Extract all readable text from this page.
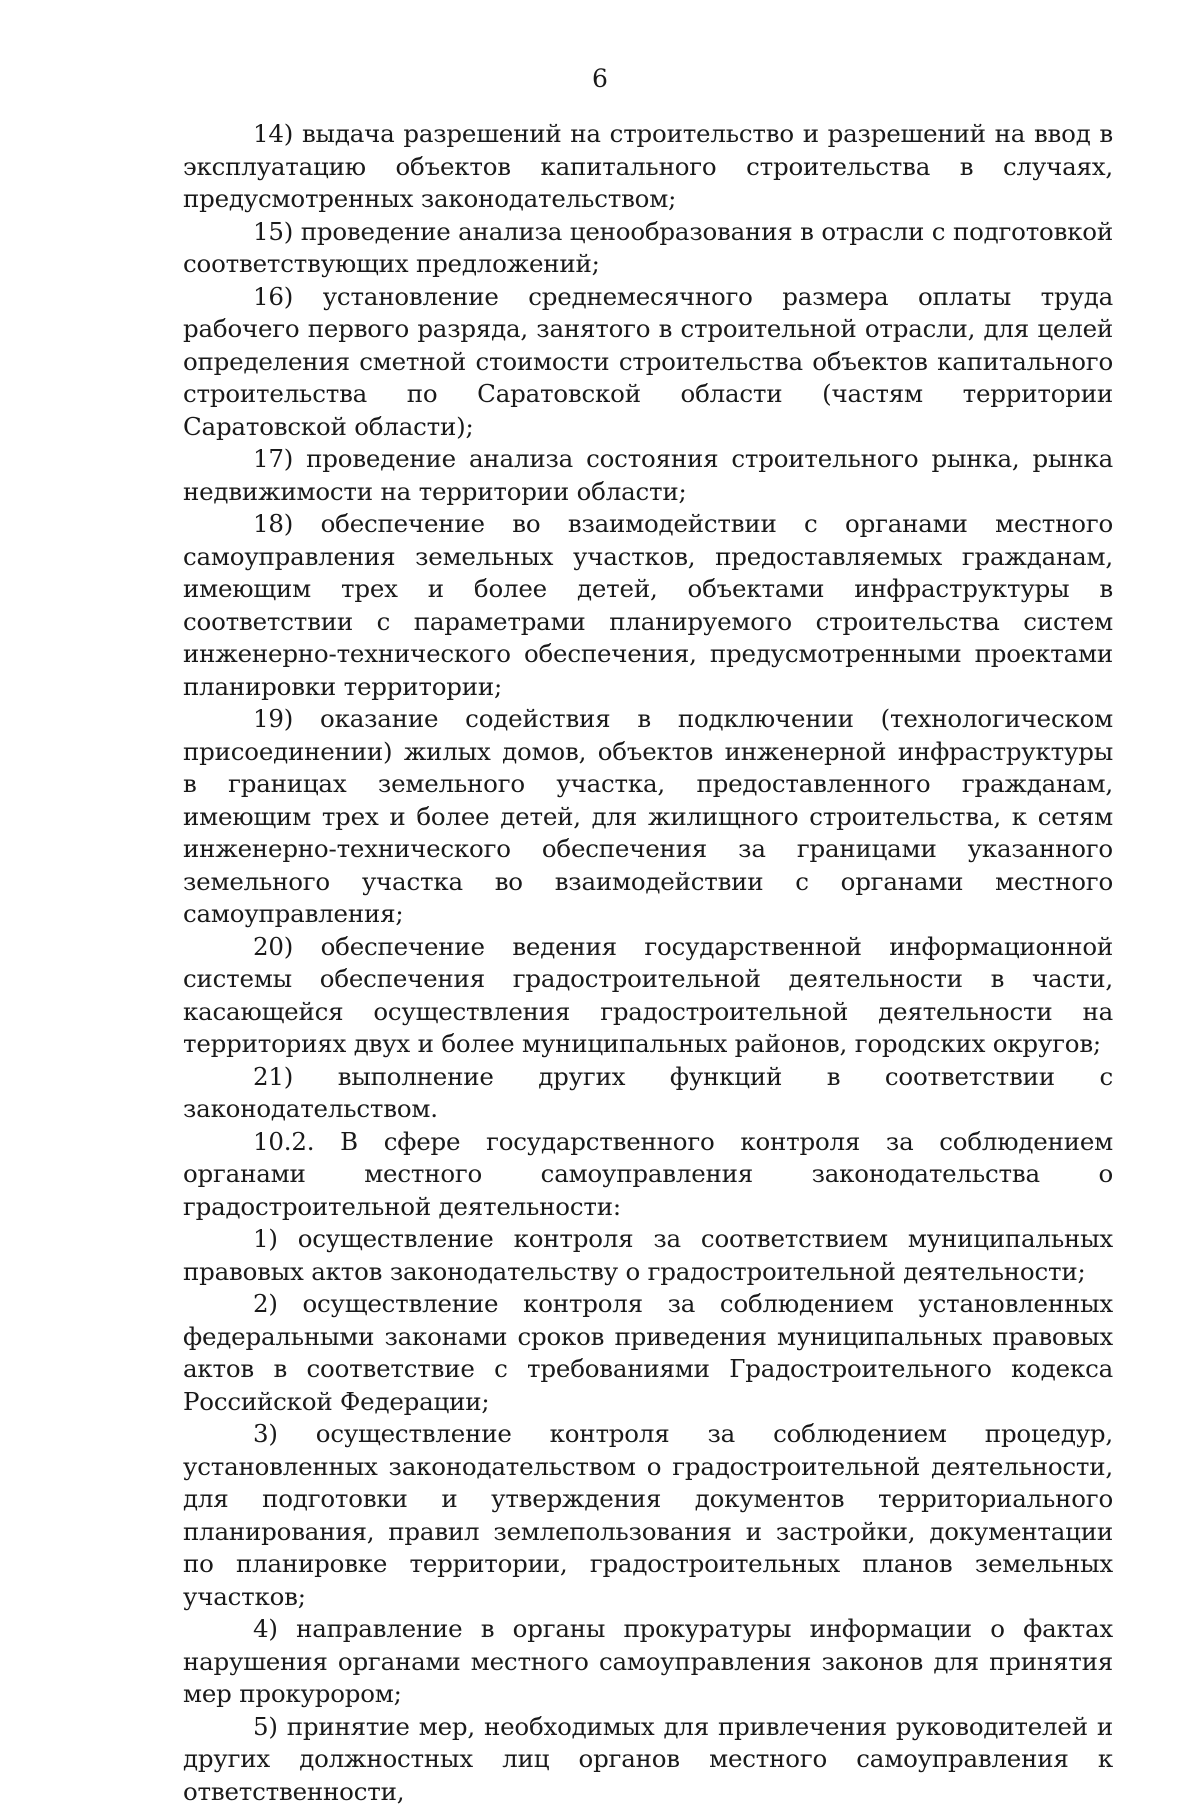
6

14) выдача разрешений на строительство и разрешений на ввод в эксплуатацию объектов капитального строительства в случаях, предусмотренных законодательством;

15) проведение анализа ценообразования в отрасли с подготовкой соответствующих предложений;

16) установление среднемесячного размера оплаты труда рабочего первого разряда, занятого в строительной отрасли, для целей определения сметной стоимости строительства объектов капитального строительства по Саратовской области (частям территории Саратовской области);

17) проведение анализа состояния строительного рынка, рынка недвижимости на территории области;

18) обеспечение во взаимодействии с органами местного самоуправления земельных участков, предоставляемых гражданам, имеющим трех и более детей, объектами инфраструктуры в соответствии с параметрами планируемого строительства систем инженерно-технического обеспечения, предусмотренными проектами планировки территории;

19) оказание содействия в подключении (технологическом присоединении) жилых домов, объектов инженерной инфраструктуры в границах земельного участка, предоставленного гражданам, имеющим трех и более детей, для жилищного строительства, к сетям инженерно-технического обеспечения за границами указанного земельного участка во взаимодействии с органами местного самоуправления;

20) обеспечение ведения государственной информационной системы обеспечения градостроительной деятельности в части, касающейся осуществления градостроительной деятельности на территориях двух и более муниципальных районов, городских округов;

21) выполнение других функций в соответствии с законодательством.

10.2. В сфере государственного контроля за соблюдением органами местного самоуправления законодательства о градостроительной деятельности:

1) осуществление контроля за соответствием муниципальных правовых актов законодательству о градостроительной деятельности;

2) осуществление контроля за соблюдением установленных федеральными законами сроков приведения муниципальных правовых актов в соответствие с требованиями Градостроительного кодекса Российской Федерации;

3) осуществление контроля за соблюдением процедур, установленных законодательством о градостроительной деятельности, для подготовки и утверждения документов территориального планирования, правил землепользования и застройки, документации по планировке территории, градостроительных планов земельных участков;

4) направление в органы прокуратуры информации о фактах нарушения органами местного самоуправления законов для принятия мер прокурором;

5) принятие мер, необходимых для привлечения руководителей и других должностных лиц органов местного самоуправления к ответственности,
